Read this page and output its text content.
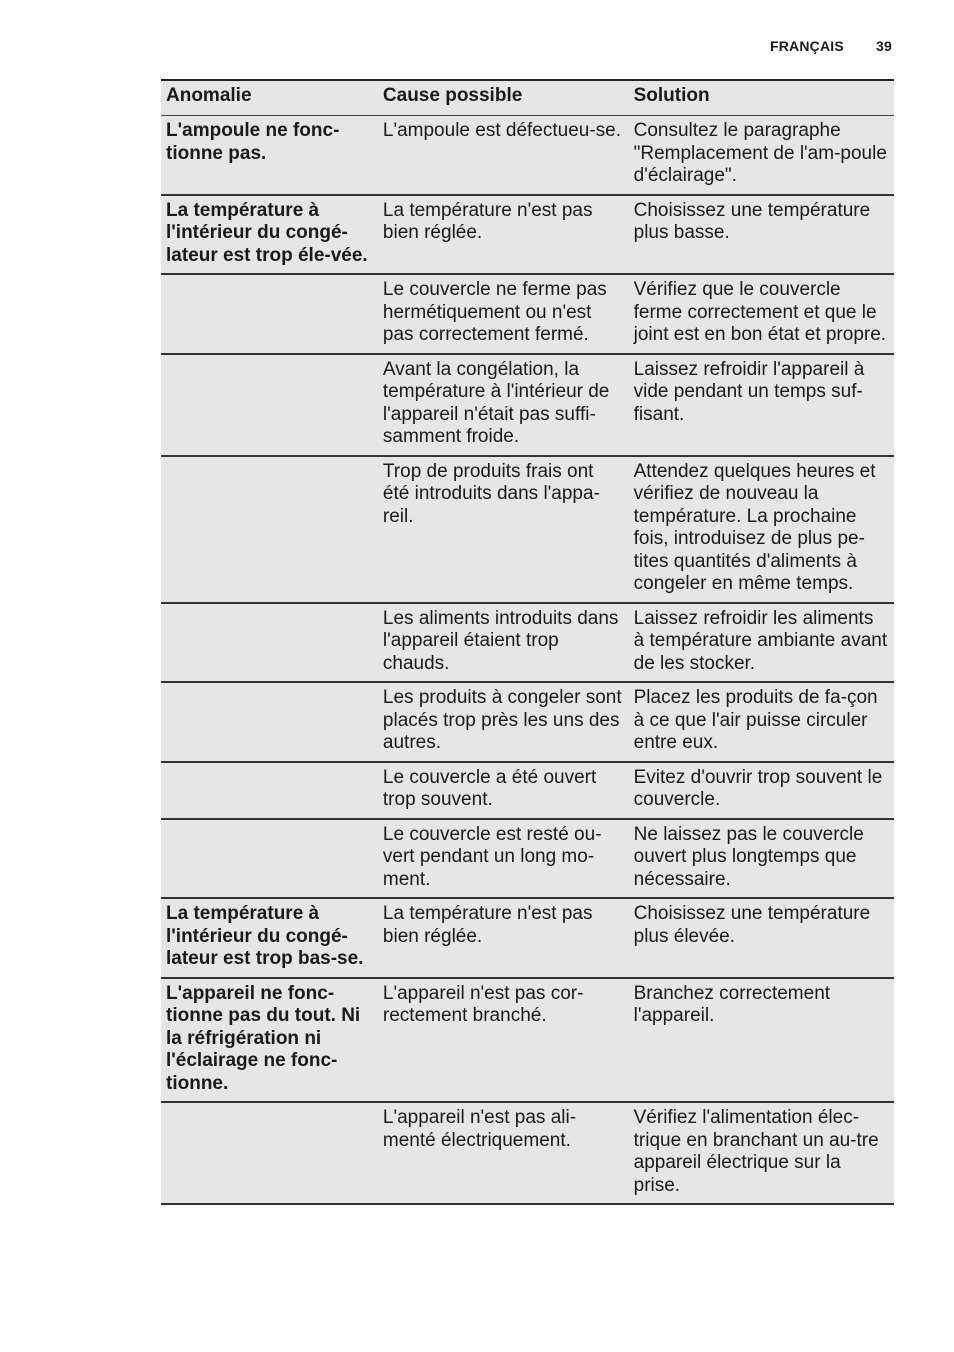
FRANÇAIS 39
Anomalie	Cause possible	Solution
L'ampoule ne fonc-tionne pas.	L'ampoule est défectueu-se.	Consultez le paragraphe "Remplacement de l'am-poule d'éclairage".
La température à l'intérieur du congé-lateur est trop éle-vée.	La température n'est pas bien réglée.	Choisissez une température plus basse.
	Le couvercle ne ferme pas hermétiquement ou n'est pas correctement fermé.	Vérifiez que le couvercle ferme correctement et que le joint est en bon état et propre.
	Avant la congélation, la température à l'intérieur de l'appareil n'était pas suffi-samment froide.	Laissez refroidir l'appareil à vide pendant un temps suf-fisant.
	Trop de produits frais ont été introduits dans l'appa-reil.	Attendez quelques heures et vérifiez de nouveau la température. La prochaine fois, introduisez de plus pe-tites quantités d'aliments à congeler en même temps.
	Les aliments introduits dans l'appareil étaient trop chauds.	Laissez refroidir les aliments à température ambiante avant de les stocker.
	Les produits à congeler sont placés trop près les uns des autres.	Placez les produits de fa-çon à ce que l'air puisse circuler entre eux.
	Le couvercle a été ouvert trop souvent.	Evitez d'ouvrir trop souvent le couvercle.
	Le couvercle est resté ou-vert pendant un long mo-ment.	Ne laissez pas le couvercle ouvert plus longtemps que nécessaire.
La température à l'intérieur du congé-lateur est trop bas-se.	La température n'est pas bien réglée.	Choisissez une température plus élevée.
L'appareil ne fonc-tionne pas du tout. Ni la réfrigération ni l'éclairage ne fonc-tionne.	L'appareil n'est pas cor-rectement branché.	Branchez correctement l'appareil.
	L'appareil n'est pas ali-menté électriquement.	Vérifiez l'alimentation élec-trique en branchant un au-tre appareil électrique sur la prise.
